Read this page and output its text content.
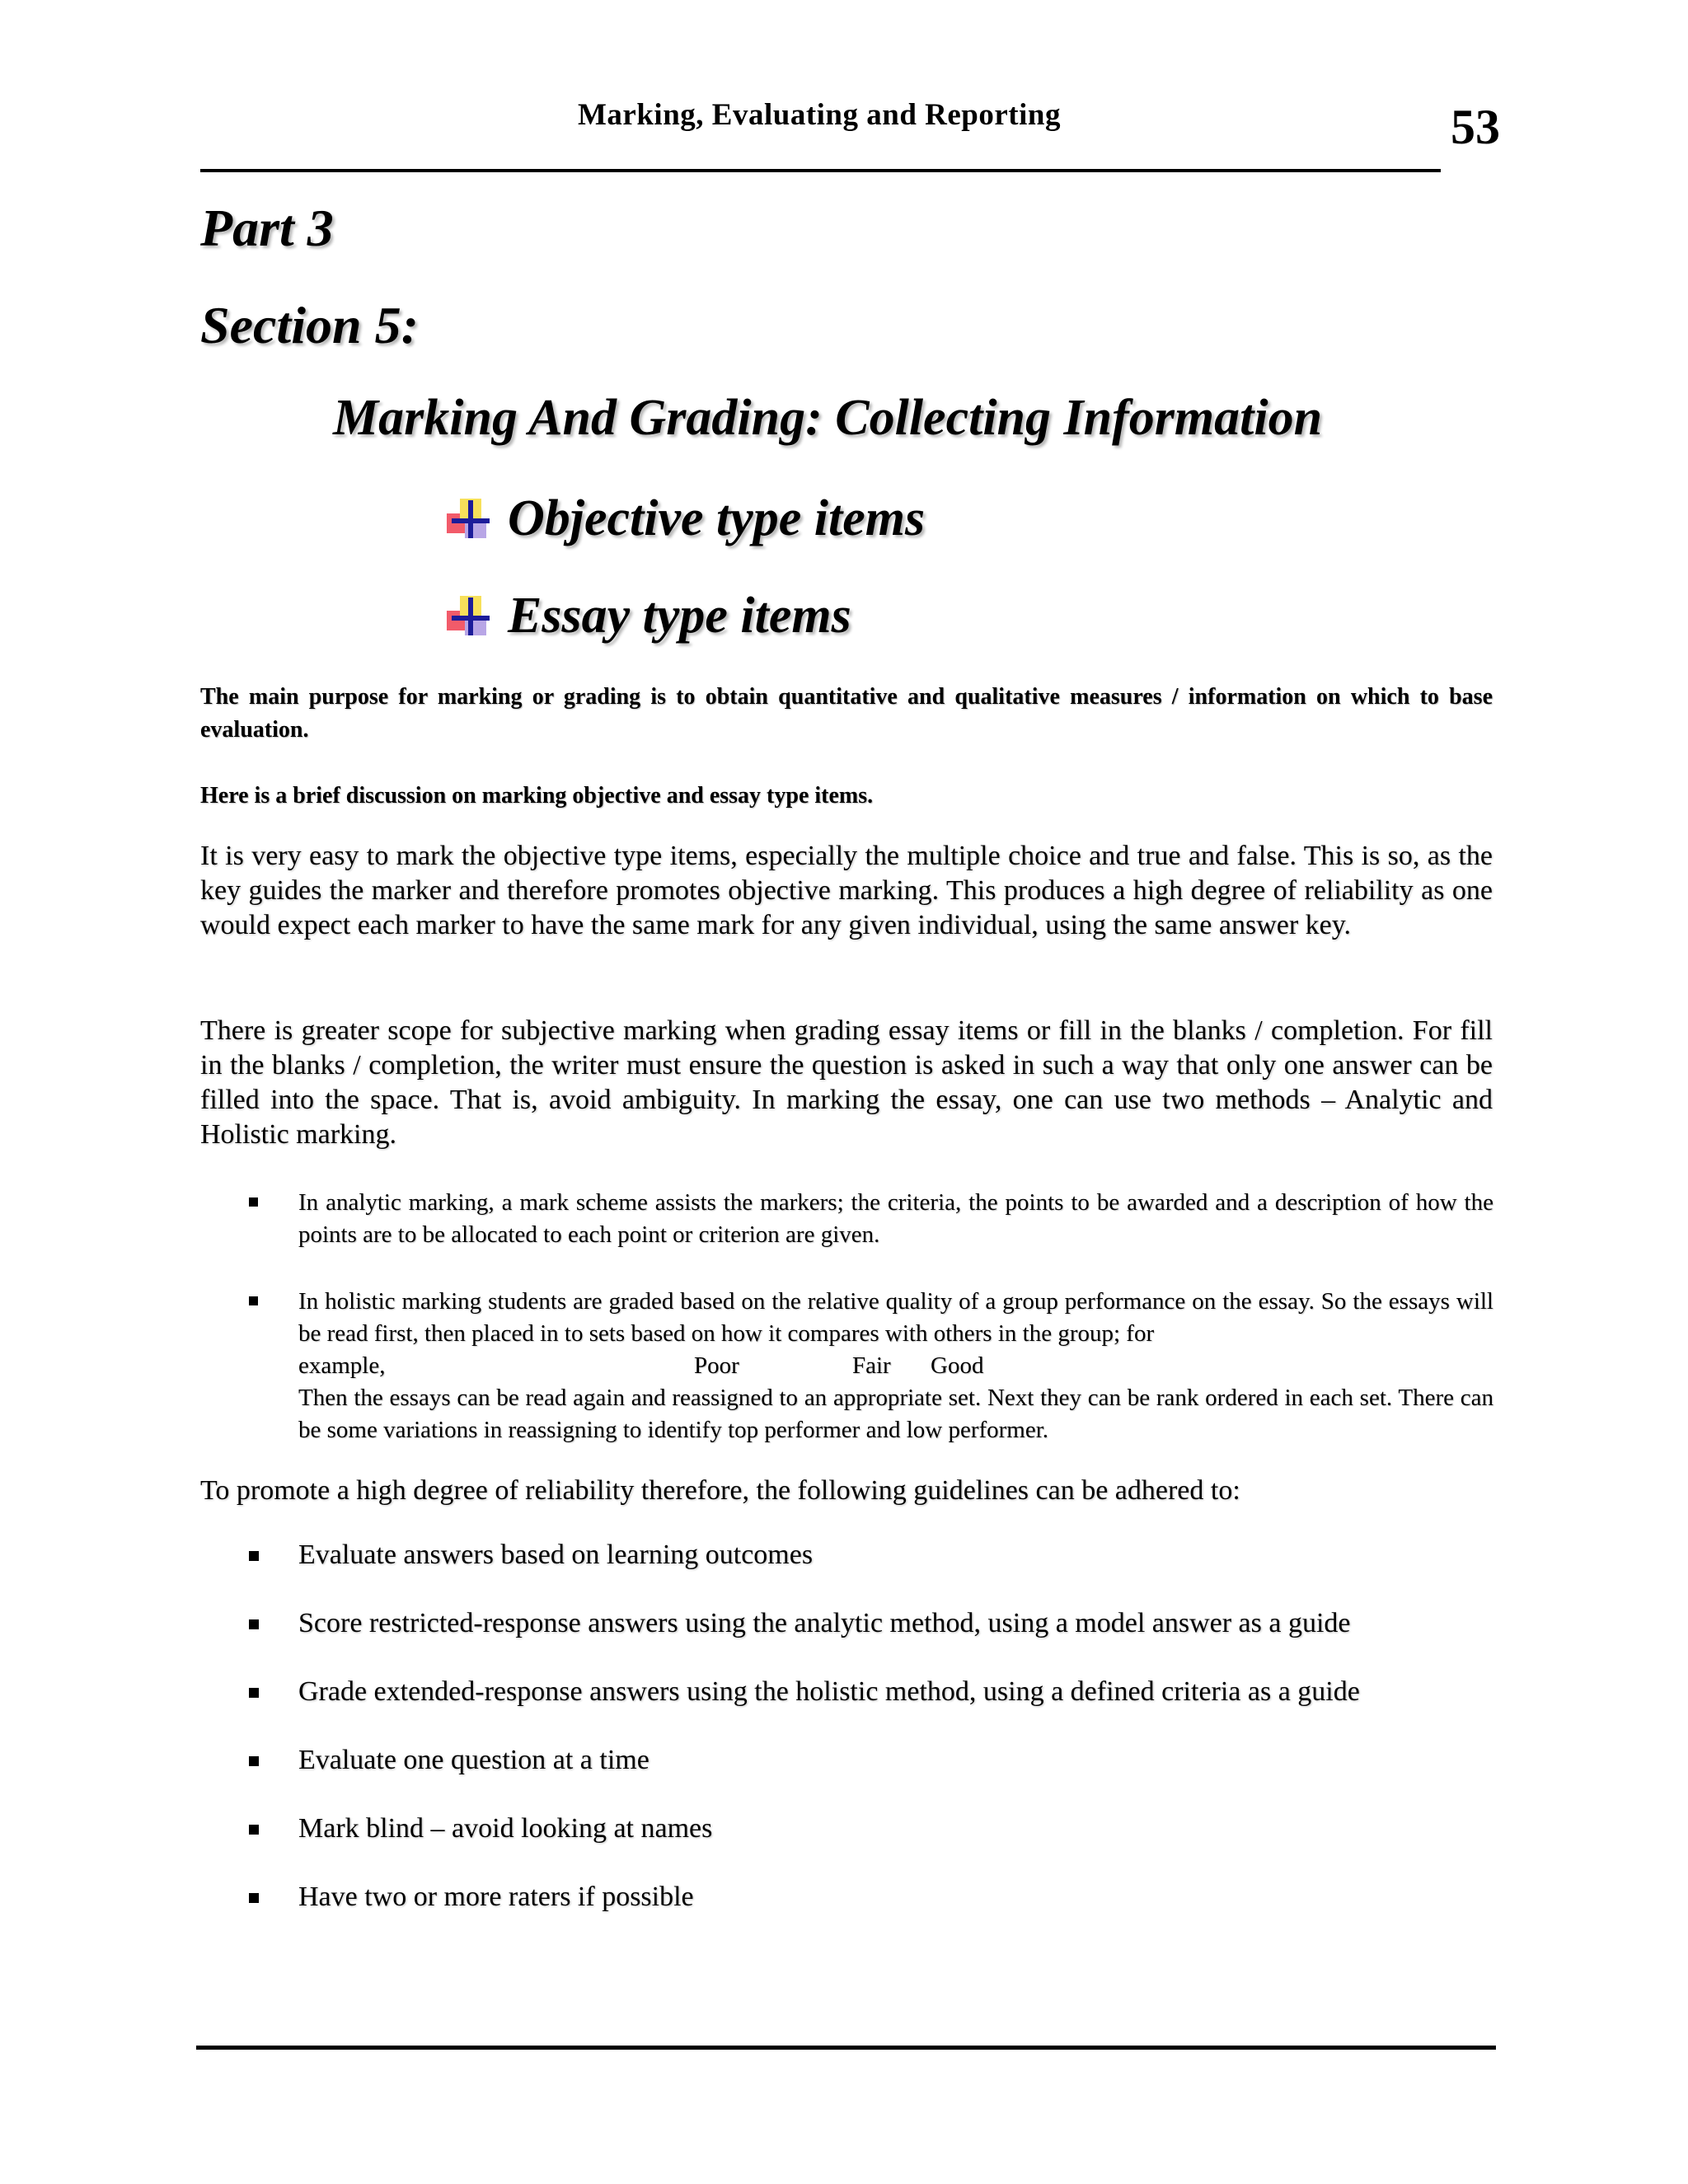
Marking, Evaluating and Reporting	53
Part 3
Section 5:
Marking And Grading: Collecting Information
Objective type items
Essay type items
The main purpose for marking or grading is to obtain quantitative and qualitative measures / information on which to base evaluation.
Here is a brief discussion on marking objective and essay type items.
It is very easy to mark the objective type items, especially the multiple choice and true and false. This is so, as the key guides the marker and therefore promotes objective marking. This produces a high degree of reliability as one would expect each marker to have the same mark for any given individual, using the same answer key.
There is greater scope for subjective marking when grading essay items or fill in the blanks / completion. For fill in the blanks / completion, the writer must ensure the question is asked in such a way that only one answer can be filled into the space. That is, avoid ambiguity. In marking the essay, one can use two methods – Analytic and Holistic marking.
In analytic marking, a mark scheme assists the markers; the criteria, the points to be awarded and a description of how the points are to be allocated to each point or criterion are given.
In holistic marking students are graded based on the relative quality of a group performance on the essay. So the essays will be read first, then placed in to sets based on how it compares with others in the group; for
example,	Poor	Fair	Good
Then the essays can be read again and reassigned to an appropriate set. Next they can be rank ordered in each set. There can be some variations in reassigning to identify top performer and low performer.
To promote a high degree of reliability therefore, the following guidelines can be adhered to:
Evaluate answers based on learning outcomes
Score restricted-response answers using the analytic method, using a model answer as a guide
Grade extended-response answers using the holistic method, using a defined criteria as a guide
Evaluate one question at a time
Mark blind – avoid looking at names
Have two or more raters if possible
